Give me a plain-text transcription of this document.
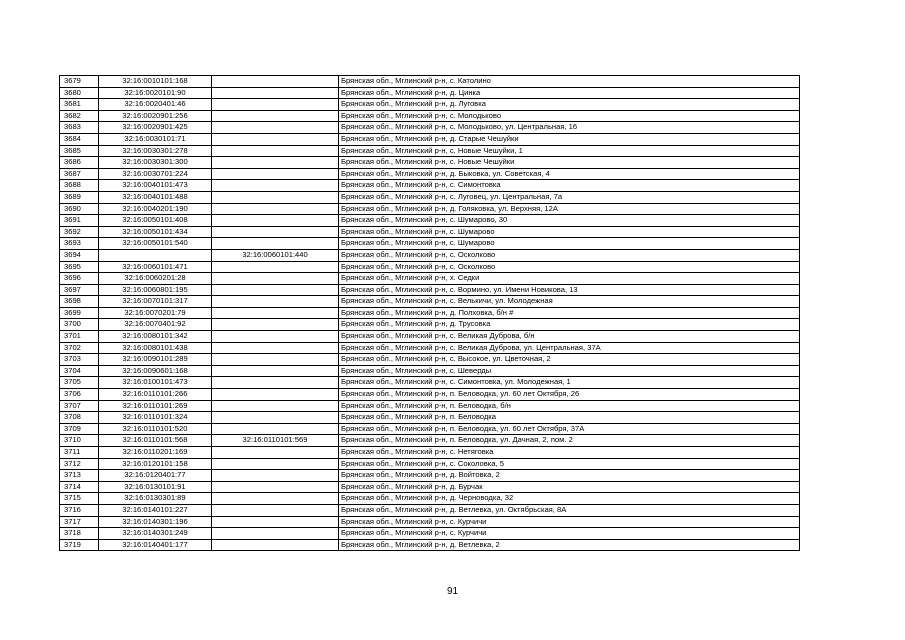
3679	32:16:0010101:168		Брянская обл., Мглинский р-н, с. Католино
3680	32:16:0020101:90		Брянская обл., Мглинский р-н, д. Цинка
3681	32:16:0020401:46		Брянская обл., Мглинский р-н, д. Луговка
3682	32:16:0020901:256		Брянская обл., Мглинский р-н, с. Молодьково
3683	32:16:0020901:425		Брянская обл., Мглинский р-н, с. Молодьково, ул. Центральная, 16
3684	32:16:0030101:71		Брянская обл., Мглинский р-н, д. Старые Чешуйки
3685	32:16:0030301:278		Брянская обл., Мглинский р-н, с. Новые Чешуйки, 1
3686	32:16:0030301:300		Брянская обл., Мглинский р-н, с. Новые Чешуйки
3687	32:16:0030701:224		Брянская обл., Мглинский р-н, д. Быковка, ул. Советская, 4
3688	32:16:0040101:473		Брянская обл., Мглинский р-н, с. Симонтовка
3689	32:16:0040101:488		Брянская обл., Мглинский р-н, с. Луговец, ул. Центральная, 7а
3690	32:16:0040201:190		Брянская обл., Мглинский р-н, д. Голяковка, ул. Верхняя, 12А
3691	32:16:0050101:408		Брянская обл., Мглинский р-н, с. Шумарово, 30
3692	32:16:0050101:434		Брянская обл., Мглинский р-н, с. Шумарово
3693	32:16:0050101:540		Брянская обл., Мглинский р-н, с. Шумарово
3694		32:16:0060101:440	Брянская обл., Мглинский р-н, с. Осколково
3695	32:16:0060101:471		Брянская обл., Мглинский р-н, с. Осколково
3696	32:16:0060201:28		Брянская обл., Мглинский р-н, х. Седки
3697	32:16:0060801:195		Брянская обл., Мглинский р-н, с. Вормино, ул. Имени Новикова, 13
3698	32:16:0070101:317		Брянская обл., Мглинский р-н, с. Велькичи, ул. Молодежная
3699	32:16:0070201:79		Брянская обл., Мглинский р-н, д. Полховка, б/н #
3700	32:16:0070401:92		Брянская обл., Мглинский р-н, д. Трусовка
3701	32:16:0080101:342		Брянская обл., Мглинский р-н, с. Великая Дуброва, б/н
3702	32:16:0080101:438		Брянская обл., Мглинский р-н, с. Великая Дуброва, ул. Центральная, 37А
3703	32:16:0090101:289		Брянская обл., Мглинский р-н, с. Высокое, ул. Цветочная, 2
3704	32:16:0090601:168		Брянская обл., Мглинский р-н, с. Шеверды
3705	32:16:0100101:473		Брянская обл., Мглинский р-н, с. Симонтовка, ул. Молодежная, 1
3706	32:16:0110101:266		Брянская обл., Мглинский р-н, п. Беловодка, ул. 60 лет Октября, 26
3707	32:16:0110101:269		Брянская обл., Мглинский р-н, п. Беловодка, б/н
3708	32:16:0110101:324		Брянская обл., Мглинский р-н, п. Беловодка
3709	32:16:0110101:520		Брянская обл., Мглинский р-н, п. Беловодка, ул. 60 лет Октября, 37А
3710	32:16:0110101:568	32:16:0110101:569	Брянская обл., Мглинский р-н, п. Беловодка, ул. Дачная, 2, пом. 2
3711	32:16:0110201:169		Брянская обл., Мглинский р-н, с. Нетяговка
3712	32:16:0120101:158		Брянская обл., Мглинский р-н, с. Соколовка, 5
3713	32:16:0120401:77		Брянская обл., Мглинский р-н, д. Войтовка, 2
3714	32:16:0130101:91		Брянская обл., Мглинский р-н, д. Бурчак
3715	32:16:0130301:89		Брянская обл., Мглинский р-н, д. Черноводка, 32
3716	32:16:0140101:227		Брянская обл., Мглинский р-н, д. Ветлевка, ул. Октябрьская, 8А
3717	32:16:0140301:196		Брянская обл., Мглинский р-н, с. Курчичи
3718	32:16:0140301:249		Брянская обл., Мглинский р-н, с. Курчичи
3719	32:16:0140401:177		Брянская обл., Мглинский р-н, д. Ветлевка, 2
91
